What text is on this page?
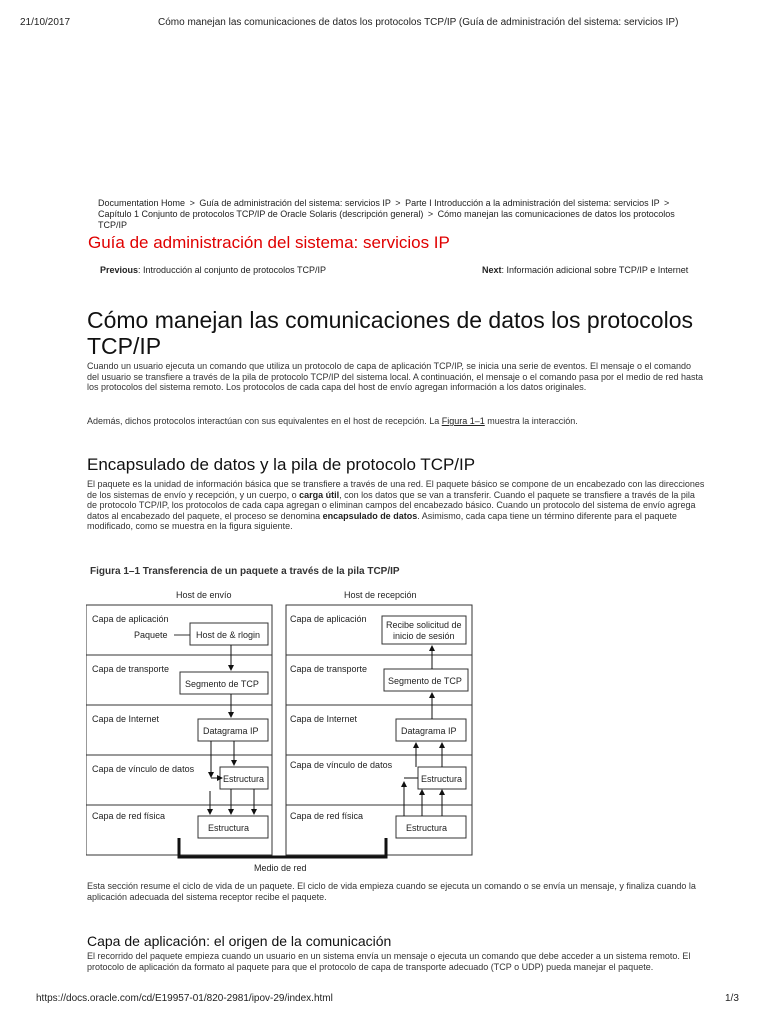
21/10/2017	Cómo manejan las comunicaciones de datos los protocolos TCP/IP (Guía de administración del sistema: servicios IP)
https://docs.oracle.com/cd/E19957-01/820-2981/ipov-29/index.html	1/3
Documentation Home > Guía de administración del sistema: servicios IP > Parte I Introducción a la administración del sistema: servicios IP > Capítulo 1 Conjunto de protocolos TCP/IP de Oracle Solaris (descripción general) > Cómo manejan las comunicaciones de datos los protocolos TCP/IP
Guía de administración del sistema: servicios IP
Previous: Introducción al conjunto de protocolos TCP/IP	Next: Información adicional sobre TCP/IP e Internet
Cómo manejan las comunicaciones de datos los protocolos TCP/IP

Cuando un usuario ejecuta un comando que utiliza un protocolo de capa de aplicación TCP/IP, se inicia una serie de eventos. El mensaje o el comando del usuario se transfiere a través de la pila de protocolo TCP/IP del sistema local. A continuación, el mensaje o el comando pasa por el medio de red hasta los protocolos del sistema remoto. Los protocolos de cada capa del host de envío agregan información a los datos originales.

Además, dichos protocolos interactúan con sus equivalentes en el host de recepción. La Figura 1–1 muestra la interacción.

Encapsulado de datos y la pila de protocolo TCP/IP

El paquete es la unidad de información básica que se transfiere a través de una red. El paquete básico se compone de un encabezado con las direcciones de los sistemas de envío y recepción, y un cuerpo, o carga útil, con los datos que se van a transferir. Cuando el paquete se transfiere a través de la pila de protocolo TCP/IP, los protocolos de cada capa agregan o eliminan campos del encabezado básico. Cuando un protocolo del sistema de envío agrega datos al encabezado del paquete, el proceso se denomina encapsulado de datos. Asimismo, cada capa tiene un término diferente para el paquete modificado, como se muestra en la figura siguiente.

Figura 1–1 Transferencia de un paquete a través de la pila TCP/IP

Host de envío	Host de recepción
Capa de aplicación
Paquete	Host de & rlogin
Capa de transporte
Segmento de TCP
Capa de Internet
Datagrama IP
Capa de vínculo de datos
Estructura
Capa de red física
Estructura
Capa de aplicación
Recibe solicitud de
inicio de sesión
Capa de transporte
Segmento de TCP
Capa de Internet
Datagrama IP
Capa de vínculo de datos
Estructura
Capa de red física
Estructura
Medio de red

Esta sección resume el ciclo de vida de un paquete. El ciclo de vida empieza cuando se ejecuta un comando o se envía un mensaje, y finaliza cuando la aplicación adecuada del sistema receptor recibe el paquete.

Capa de aplicación: el origen de la comunicación

El recorrido del paquete empieza cuando un usuario en un sistema envía un mensaje o ejecuta un comando que debe acceder a un sistema remoto. El protocolo de aplicación da formato al paquete para que el protocolo de capa de transporte adecuado (TCP o UDP) pueda manejar el paquete.
